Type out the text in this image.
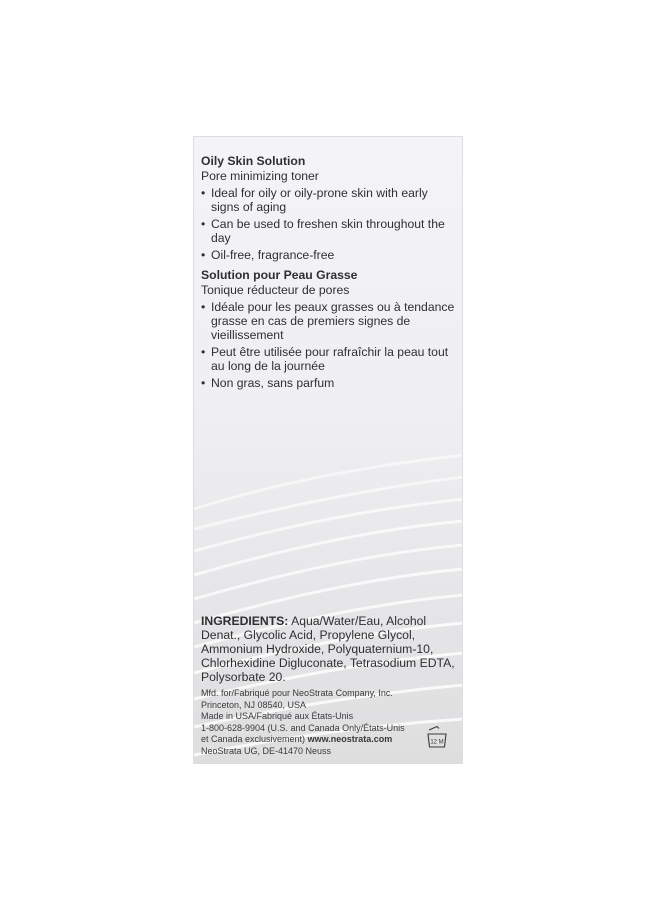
Oily Skin Solution
Pore minimizing toner
• Ideal for oily or oily-prone skin with early signs of aging
• Can be used to freshen skin throughout the day
• Oil-free, fragrance-free
Solution pour Peau Grasse
Tonique réducteur de pores
• Idéale pour les peaux grasses ou à tendance grasse en cas de premiers signes de vieillissement
• Peut être utilisée pour rafraîchir la peau tout au long de la journée
• Non gras, sans parfum
INGREDIENTS: Aqua/Water/Eau, Alcohol Denat., Glycolic Acid, Propylene Glycol, Ammonium Hydroxide, Polyquaternium-10, Chlorhexidine Digluconate, Tetrasodium EDTA, Polysorbate 20.
Mfd. for/Fabriqué pour NeoStrata Company, Inc.
Princeton, NJ 08540, USA
Made in USA/Fabriqué aux États-Unis
1-800-628-9904 (U.S. and Canada Only/États-Unis
et Canada exclusivement) www.neostrata.com
NeoStrata UG, DE-41470 Neuss
12 M
